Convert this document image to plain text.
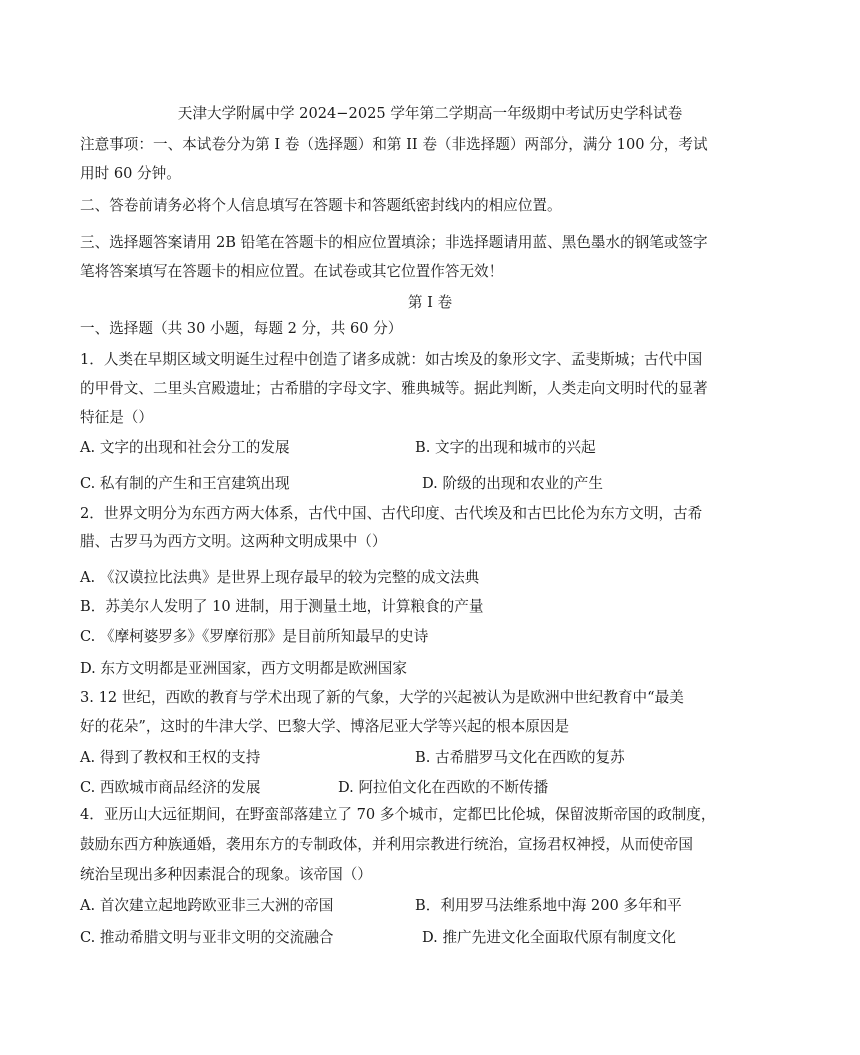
天津大学附属中学 2024−2025 学年第二学期高一年级期中考试历史学科试卷
注意事项：一、本试卷分为第 I 卷（选择题）和第 II 卷（非选择题）两部分，满分 100 分，考试
用时 60 分钟。
二、答卷前请务必将个人信息填写在答题卡和答题纸密封线内的相应位置。
三、选择题答案请用 2B 铅笔在答题卡的相应位置填涂；非选择题请用蓝、黑色墨水的钢笔或签字
笔将答案填写在答题卡的相应位置。在试卷或其它位置作答无效！
第 I 卷
一、选择题（共 30 小题，每题 2 分，共 60 分）
1．人类在早期区域文明诞生过程中创造了诸多成就：如古埃及的象形文字、孟斐斯城；古代中国
的甲骨文、二里头宫殿遗址；古希腊的字母文字、雅典城等。据此判断，人类走向文明时代的显著
特征是（）
A. 文字的出现和社会分工的发展	B. 文字的出现和城市的兴起
C. 私有制的产生和王宫建筑出现	D. 阶级的出现和农业的产生
2．世界文明分为东西方两大体系，古代中国、古代印度、古代埃及和古巴比伦为东方文明，古希
腊、古罗马为西方文明。这两种文明成果中（）
A. 《汉谟拉比法典》是世界上现存最早的较为完整的成文法典
B．苏美尔人发明了 10 进制，用于测量土地，计算粮食的产量
C. 《摩柯婆罗多》《罗摩衍那》是目前所知最早的史诗
D. 东方文明都是亚洲国家，西方文明都是欧洲国家
3. 12 世纪，西欧的教育与学术出现了新的气象，大学的兴起被认为是欧洲中世纪教育中“最美
好的花朵”，这时的牛津大学、巴黎大学、博洛尼亚大学等兴起的根本原因是
A. 得到了教权和王权的支持	B. 古希腊罗马文化在西欧的复苏
C. 西欧城市商品经济的发展	D. 阿拉伯文化在西欧的不断传播
4．亚历山大远征期间，在野蛮部落建立了 70 多个城市，定都巴比伦城，保留波斯帝国的政制度，
鼓励东西方种族通婚，袭用东方的专制政体，并利用宗教进行统治，宣扬君权神授，从而使帝国
统治呈现出多种因素混合的现象。该帝国（）
A. 首次建立起地跨欧亚非三大洲的帝国	B．利用罗马法维系地中海 200 多年和平
C. 推动希腊文明与亚非文明的交流融合	D. 推广先进文化全面取代原有制度文化
